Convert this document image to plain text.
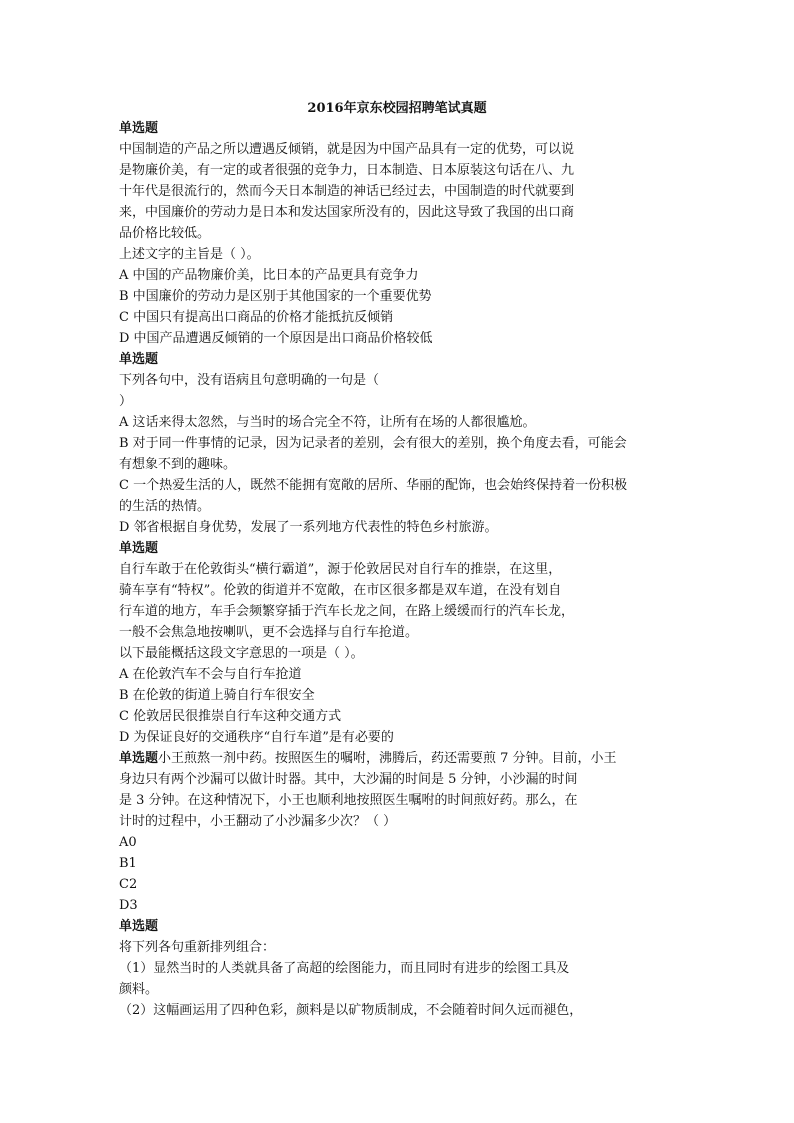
2016年京东校园招聘笔试真题
单选题
中国制造的产品之所以遭遇反倾销，就是因为中国产品具有一定的优势，可以说
是物廉价美，有一定的或者很强的竞争力，日本制造、日本原装这句话在八、九
十年代是很流行的，然而今天日本制造的神话已经过去，中国制造的时代就要到
来，中国廉价的劳动力是日本和发达国家所没有的，因此这导致了我国的出口商
品价格比较低。
上述文字的主旨是（ ）。
A 中国的产品物廉价美，比日本的产品更具有竞争力
B 中国廉价的劳动力是区别于其他国家的一个重要优势
C 中国只有提高出口商品的价格才能抵抗反倾销
D 中国产品遭遇反倾销的一个原因是出口商品价格较低
单选题
下列各句中，没有语病且句意明确的一句是（
）
A 这话来得太忽然，与当时的场合完全不符，让所有在场的人都很尴尬。
B 对于同一件事情的记录，因为记录者的差别，会有很大的差别，换个角度去看，可能会
有想象不到的趣味。
C 一个热爱生活的人，既然不能拥有宽敞的居所、华丽的配饰，也会始终保持着一份积极
的生活的热情。
D 邻省根据自身优势，发展了一系列地方代表性的特色乡村旅游。
单选题
自行车敢于在伦敦街头“横行霸道”，源于伦敦居民对自行车的推崇，在这里，
骑车享有“特权”。伦敦的街道并不宽敞，在市区很多都是双车道，在没有划自
行车道的地方，车手会频繁穿插于汽车长龙之间，在路上缓缓而行的汽车长龙，
一般不会焦急地按喇叭，更不会选择与自行车抢道。
以下最能概括这段文字意思的一项是（ ）。
A 在伦敦汽车不会与自行车抢道
B 在伦敦的街道上骑自行车很安全
C 伦敦居民很推崇自行车这种交通方式
D 为保证良好的交通秩序“自行车道”是有必要的
单选题小王煎熬一剂中药。按照医生的嘱咐，沸腾后，药还需要煎 7 分钟。目前，小王
身边只有两个沙漏可以做计时器。其中，大沙漏的时间是 5 分钟，小沙漏的时间
是 3 分钟。在这种情况下，小王也顺利地按照医生嘱咐的时间煎好药。那么，在
计时的过程中，小王翻动了小沙漏多少次？（ ）
A0
B1
C2
D3
单选题
将下列各句重新排列组合：
（1）显然当时的人类就具备了高超的绘图能力，而且同时有进步的绘图工具及
颜料。
（2）这幅画运用了四种色彩，颜料是以矿物质制成，不会随着时间久远而褪色，
